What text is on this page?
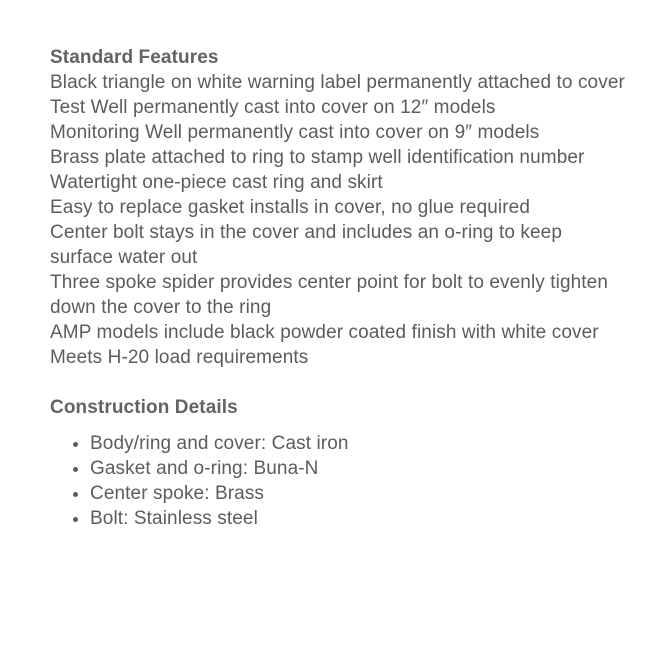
Standard Features
Black triangle on white warning label permanently attached to cover
Test Well permanently cast into cover on 12″ models
Monitoring Well permanently cast into cover on 9″ models
Brass plate attached to ring to stamp well identification number
Watertight one-piece cast ring and skirt
Easy to replace gasket installs in cover, no glue required
Center bolt stays in the cover and includes an o-ring to keep surface water out
Three spoke spider provides center point for bolt to evenly tighten down the cover to the ring
AMP models include black powder coated finish with white cover
Meets H-20 load requirements
Construction Details
• Body/ring and cover: Cast iron
• Gasket and o-ring: Buna-N
• Center spoke: Brass
• Bolt: Stainless steel
